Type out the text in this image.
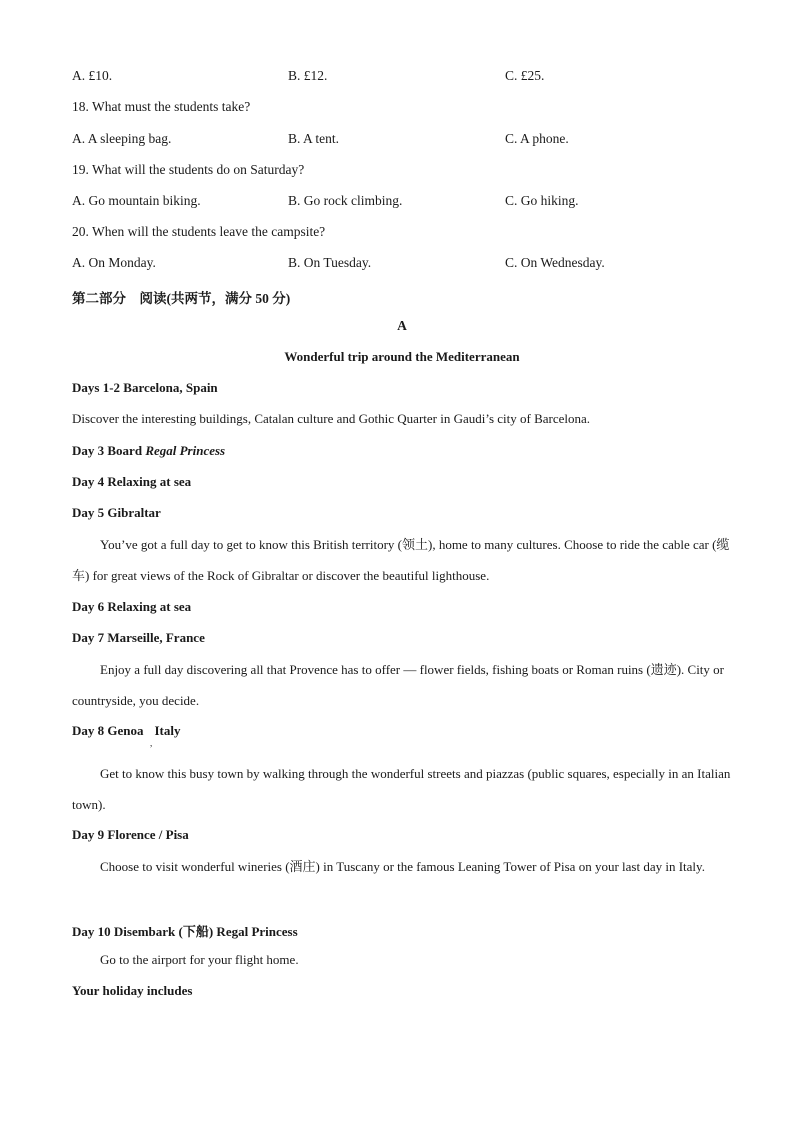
A. £10.	B. £12.	C. £25.
18. What must the students take?
A. A sleeping bag.	B. A tent.	C. A phone.
19. What will the students do on Saturday?
A. Go mountain biking.	B. Go rock climbing.	C. Go hiking.
20. When will the students leave the campsite?
A. On Monday.	B. On Tuesday.	C. On Wednesday.
第二部分　阅读(共两节，满分 50 分)
A
Wonderful trip around the Mediterranean
Days 1-2 Barcelona, Spain
Discover the interesting buildings, Catalan culture and Gothic Quarter in Gaudi’s city of Barcelona.
Day 3 Board Regal Princess
Day 4 Relaxing at sea
Day 5 Gibraltar
You’ve got a full day to get to know this British territory (领土), home to many cultures. Choose to ride the cable car (缆车) for great views of the Rock of Gibraltar or discover the beautiful lighthouse.
Day 6 Relaxing at sea
Day 7 Marseille, France
Enjoy a full day discovering all that Provence has to offer — flower fields, fishing boats or Roman ruins (遗迹). City or countryside, you decide.
Day 8 Genoa Italy
,
Get to know this busy town by walking through the wonderful streets and piazzas (public squares, especially in an Italian town).
Day 9 Florence / Pisa
Choose to visit wonderful wineries (酒庄) in Tuscany or the famous Leaning Tower of Pisa on your last day in Italy.
Day 10 Disembark (下船) Regal Princess
Go to the airport for your flight home.
Your holiday includes
